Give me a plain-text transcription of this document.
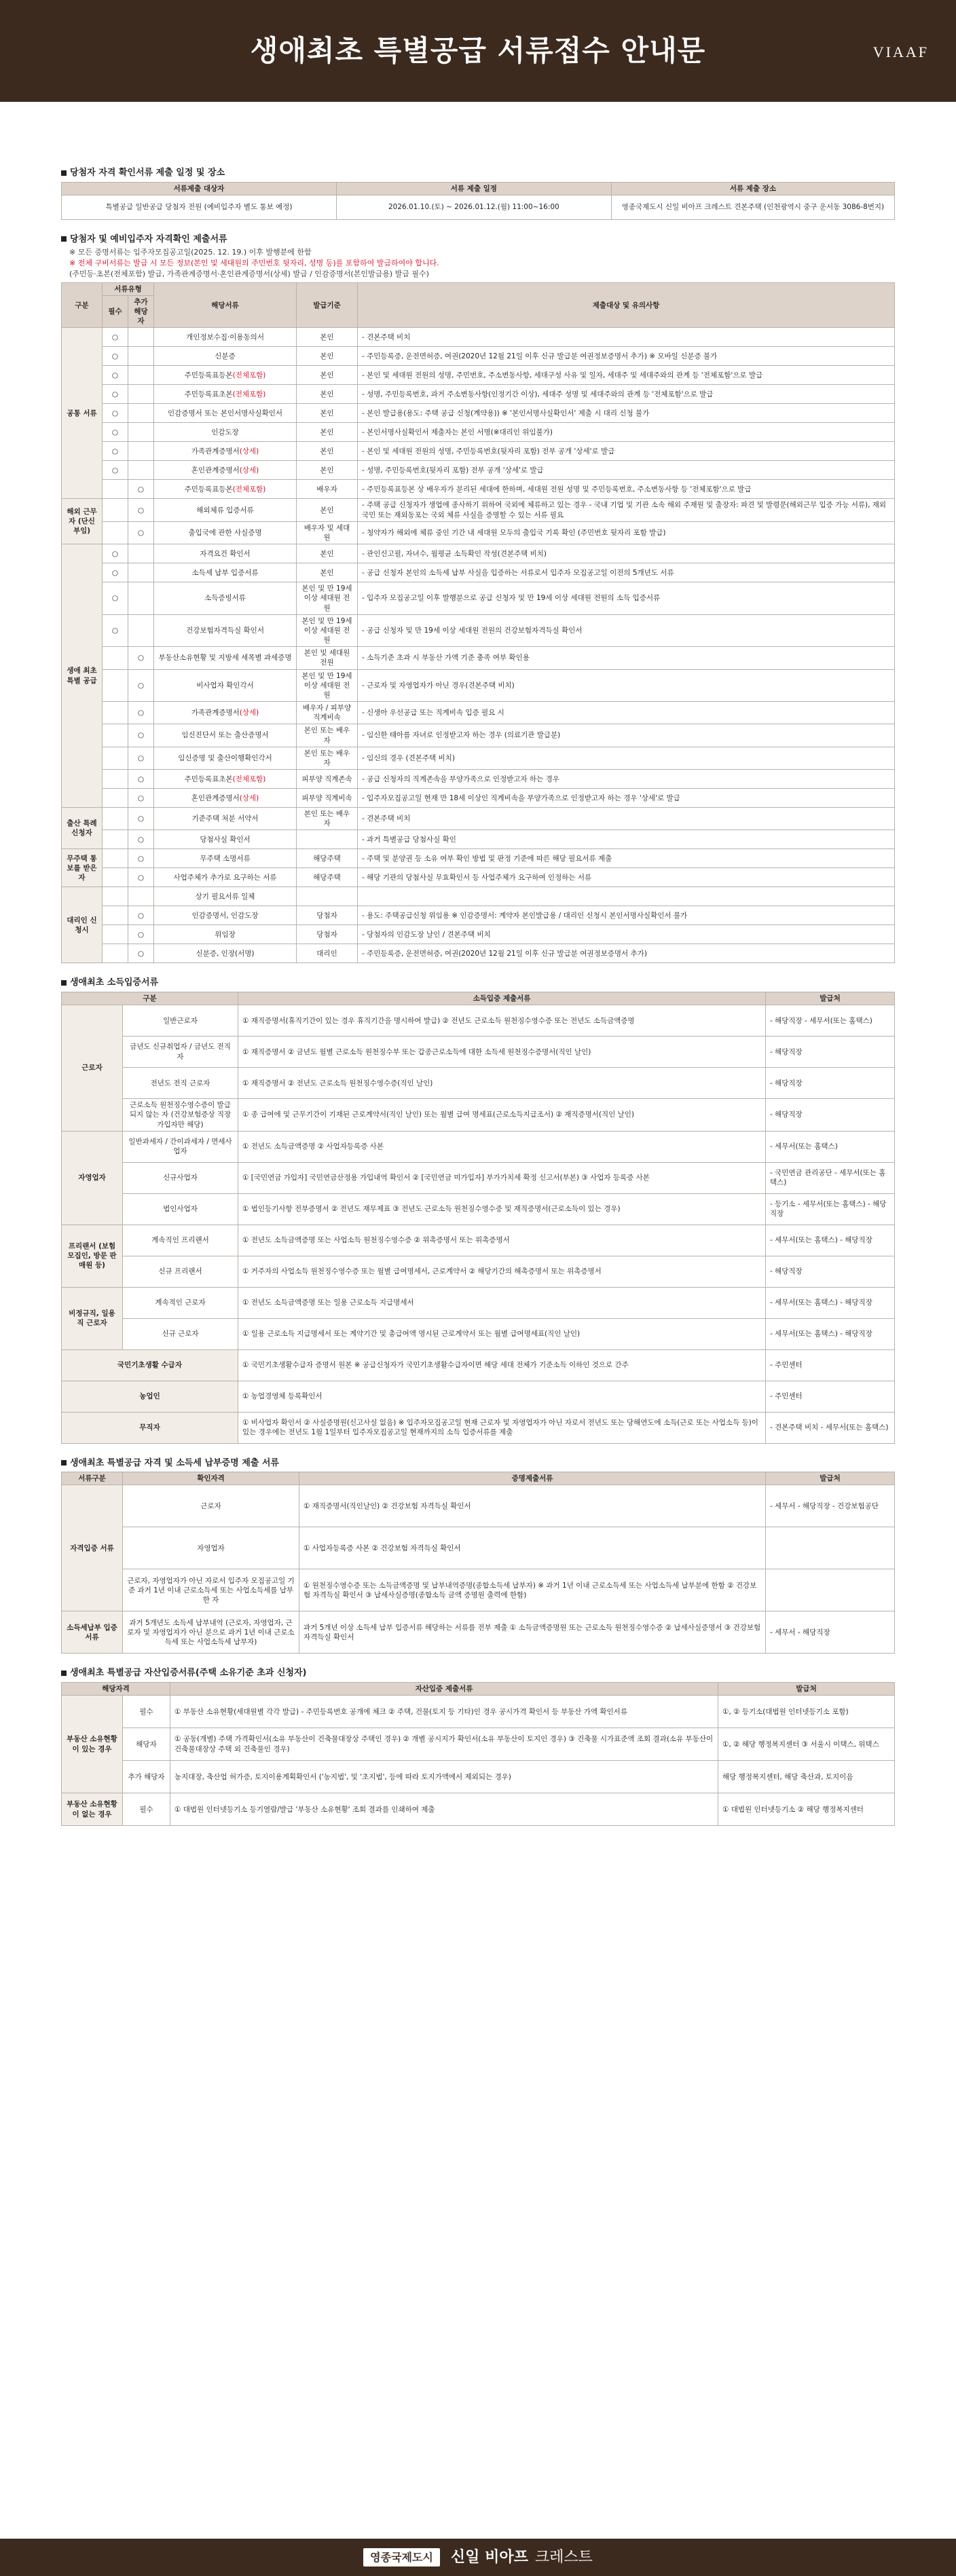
생애최초 특별공급 서류접수 안내문	VIAAF
당첨자 자격 확인서류 제출 일정 및 장소
서류제출 대상자	서류 제출 일정	서류 제출 장소
특별공급 일반공급 당첨자 전원 (예비입주자 별도 통보 예정)	2026.01.10.(토) ~ 2026.01.12.(월) 11:00~16:00	영종국제도시 신일 비아프 크레스트 견본주택 (인천광역시 중구 운서동 3086-8번지)
당첨자 및 예비입주자 자격확인 제출서류
※ 모든 증명서류는 입주자모집공고일(2025. 12. 19.) 이후 발행분에 한함
※ 전체 구비서류는 발급 시 모든 정보(본인 및 세대원의 주민번호 뒷자리, 성명 등)를 포함하여 발급하여야 합니다.
(주민등·초본(전체포함) 발급, 가족관계증명서·혼인관계증명서(상세) 발급 / 인감증명서(본인발급용) 발급 필수)
구분	서류유형		해당서류	발급기준	제출대상 및 유의사항
	필수	추가 해당자			
공통 서류	○		개인정보수집·이용동의서	본인	- 견본주택 비치
	○		신분증	본인	- 주민등록증, 운전면허증, 여권(2020년 12월 21일 이후 신규 발급분 여권정보증명서 추가) ※ 모바일 신분증 불가
	○		주민등록표등본(전체포함)	본인	- 본인 및 세대원 전원의 성명, 주민번호, 주소변동사항, 세대구성 사유 및 일자, 세대주 및 세대주와의 관계 등 '전체포함'으로 발급
	○		주민등록표초본(전체포함)	본인	- 성명, 주민등록번호, 과거 주소변동사항(인정기간 이상), 세대주 성명 및 세대주와의 관계 등 '전체포함'으로 발급
	○		인감증명서 또는 본인서명사실확인서	본인	- 본인 발급용(용도: 주택 공급 신청(계약용)) ※ '본인서명사실확인서' 제출 시 대리 신청 불가
	○		인감도장	본인	- 본인서명사실확인서 제출자는 본인 서명(※대리인 위임불가)
	○		가족관계증명서(상세)	본인	- 본인 및 세대원 전원의 성명, 주민등록번호(뒷자리 포함) 전부 공개 '상세'로 발급
	○		혼인관계증명서(상세)	본인	- 성명, 주민등록번호(뒷자리 포함) 전부 공개 '상세'로 발급
		○	주민등록표등본(전체포함)	배우자	- 주민등록표등본 상 배우자가 분리된 세대에 한하며, 세대원 전원 성명 및 주민등록번호, 주소변동사항 등 '전체포함'으로 발급
해외 근무자 (단신 부임)		○	해외체류 입증서류	본인	- 주택 공급 신청자가 생업에 종사하기 위하여 국외에 체류하고 있는 경우 - 국내 기업 및 기관 소속 해외 주재원 및 출장자: 파견 및 발령문(해외근무 입증 가능 서류), 재외국민 또는 재외동포는 국외 체류 사실을 증명할 수 있는 서류 필요
		○	출입국에 관한 사실증명	배우자 및 세대원	- 청약자가 해외에 체류 중인 기간 내 세대원 모두의 출입국 기록 확인 (주민번호 뒷자리 포함 발급)
생애 최초 특별 공급	○		자격요건 확인서	본인	- 관인신고필, 자녀수, 월평균 소득확인 작성(견본주택 비치)
	○		소득세 납부 입증서류	본인	- 공급 신청자 본인의 소득세 납부 사실을 입증하는 서류로서 입주자 모집공고일 이전의 5개년도 서류
	○		소득증빙서류	본인 및 만 19세 이상 세대원 전원	- 입주자 모집공고일 이후 발행분으로 공급 신청자 및 만 19세 이상 세대원 전원의 소득 입증서류
	○		건강보험자격득실 확인서	본인 및 만 19세 이상 세대원 전원	- 공급 신청자 및 만 19세 이상 세대원 전원의 건강보험자격득실 확인서
		○	부동산소유현황 및 지방세 세목별 과세증명	본인 및 세대원 전원	- 소득기준 초과 시 부동산 가액 기준 충족 여부 확인용
		○	비사업자 확인각서	본인 및 만 19세 이상 세대원 전원	- 근로자 및 자영업자가 아닌 경우(견본주택 비치)
		○	가족관계증명서(상세)	배우자 / 피부양 직계비속	- 신생아 우선공급 또는 직계비속 입증 필요 시
		○	임신진단서 또는 출산증명서	본인 또는 배우자	- 임신한 태아를 자녀로 인정받고자 하는 경우 (의료기관 발급분)
		○	임신증명 및 출산이행확인각서	본인 또는 배우자	- 임신의 경우 (견본주택 비치)
		○	주민등록표초본(전체포함)	피부양 직계존속	- 공급 신청자의 직계존속을 부양가족으로 인정받고자 하는 경우
		○	혼인관계증명서(상세)	피부양 직계비속	- 입주자모집공고일 현재 만 18세 이상인 직계비속을 부양가족으로 인정받고자 하는 경우 '상세'로 발급
출산 특례 신청자		○	기준주택 처분 서약서	본인 또는 배우자	- 견본주택 비치
		○	당첨사실 확인서		- 과거 특별공급 당첨사실 확인
무주택 통보를 받은자		○	무주택 소명서류	해당주택	- 주택 및 분양권 등 소유 여부 확인 방법 및 판정 기준에 따른 해당 필요서류 제출
		○	사업주체가 추가로 요구하는 서류	해당주택	- 해당 기관의 당첨사실 무효확인서 등 사업주체가 요구하여 인정하는 서류
대리인 신청시			상기 필요서류 일체		
		○	인감증명서, 인감도장	당첨자	- 용도: 주택공급신청 위임용 ※ 인감증명서: 계약자 본인발급용 / 대리인 신청시 본인서명사실확인서 불가
		○	위임장	당첨자	- 당첨자의 인감도장 날인 / 견본주택 비치
		○	신분증, 인장(서명)	대리인	- 주민등록증, 운전면허증, 여권(2020년 12월 21일 이후 신규 발급분 여권정보증명서 추가)
생애최초 소득입증서류
구분		소득입증 제출서류	발급처
근로자	일반근로자	① 재직증명서(휴직기간이 있는 경우 휴직기간을 명시하여 발급) ② 전년도 근로소득 원천징수영수증 또는 전년도 소득금액증명	- 해당직장 - 세무서(또는 홈택스)
	금년도 신규취업자 / 금년도 전직자	① 재직증명서 ② 금년도 월별 근로소득 원천징수부 또는 갑종근로소득에 대한 소득세 원천징수증명서(직인 날인)	- 해당직장
	전년도 전직 근로자	① 재직증명서 ② 전년도 근로소득 원천징수영수증(직인 날인)	- 해당직장
	근로소득 원천징수영수증이 발급되지 않는 자 (건강보험증상 직장가입자만 해당)	① 종 급여에 및 근무기간이 기재된 근로계약서(직인 날인) 또는 월별 급여 명세표(근로소득지급조서) ② 재직증명서(직인 날인)	- 해당직장
자영업자	일반과세자 / 간이과세자 / 면세사업자	① 전년도 소득금액증명 ② 사업자등록증 사본	- 세무서(또는 홈택스)
	신규사업자	① [국민연금 가입자] 국민연금산정용 가입내역 확인서 ② [국민연금 미가입자] 부가가치세 확정 신고서(부본) ③ 사업자 등록증 사본	- 국민연금 관리공단 - 세무서(또는 홈택스)
	법인사업자	① 법인등기사항 전부증명서 ② 전년도 재무제표 ③ 전년도 근로소득 원천징수영수증 및 재직증명서(근로소득이 있는 경우)	- 등기소 - 세무서(또는 홈택스) - 해당직장
프리랜서 (보험 모집인, 방문 판매원 등)	계속직인 프리랜서	① 전년도 소득금액증명 또는 사업소득 원천징수영수증 ② 위촉증명서 또는 위촉증명서	- 세무서(또는 홈택스) - 해당직장
	신규 프리랜서	① 거주자의 사업소득 원천징수영수증 또는 월별 급여명세서, 근로계약서 ② 해당기간의 해촉증명서 또는 위촉증명서	- 해당직장
비정규직, 일용직 근로자	계속적인 근로자	① 전년도 소득금액증명 또는 일용 근로소득 지급명세서	- 세무서(또는 홈택스) - 해당직장
	신규 근로자	① 일용 근로소득 지급명세서 또는 계약기간 및 총급여액 명시된 근로계약서 또는 월별 급여명세표(직인 날인)	- 세무서(또는 홈택스) - 해당직장
국민기초생활 수급자		① 국민기초생활수급자 증명서 원본 ※ 공급신청자가 국민기초생활수급자이면 해당 세대 전체가 기준소득 이하인 것으로 간주	- 주민센터
농업인		① 농업경영체 등록확인서	- 주민센터
무직자		① 비사업자 확인서 ② 사실증명원(신고사실 없음) ※ 입주자모집공고일 현재 근로자 및 자영업자가 아닌 자로서 전년도 또는 당해연도에 소득(근로 또는 사업소득 등)이 있는 경우에는 전년도 1월 1일부터 입주자모집공고일 현재까지의 소득 입증서류를 제출	- 견본주택 비치 - 세무서(또는 홈택스)
생애최초 특별공급 자격 및 소득세 납부증명 제출 서류
서류구분	확인자격	증명제출서류	발급처
자격입증 서류	근로자	① 재직증명서(직인날인) ② 건강보험 자격득실 확인서	- 세무서 - 해당직장 - 건강보험공단
	자영업자	① 사업자등록증 사본 ② 건강보험 자격득실 확인서	
	근로자, 자영업자가 아닌 자로서 입주자 모집공고일 기준 과거 1년 이내 근로소득세 또는 사업소득세를 납부한 자	① 원천징수영수증 또는 소득금액증명 및 납부내역증명(종합소득세 납부자) ※ 과거 1년 이내 근로소득세 또는 사업소득세 납부분에 한함 ② 건강보험 자격득실 확인서 ③ 납세사실증명(종합소득 금액 증명원 출력에 한함)	
소득세납부 입증서류	과거 5개년도 소득세 납부내역 (근로자, 자영업자, 근로자 및 자영업자가 아닌 분으로 과거 1년 이내 근로소득세 또는 사업소득세 납부자)	과거 5개년 이상 소득세 납부 입증서류 해당하는 서류를 전부 제출 ① 소득금액증명원 또는 근로소득 원천징수영수증 ② 납세사실증명서 ③ 건강보험 자격득실 확인서	- 세무서 - 해당직장
생애최초 특별공급 자산입증서류(주택 소유기준 초과 신청자)
해당자격		자산입증 제출서류	발급처
부동산 소유현황이 있는 경우	필수	① 부동산 소유현황(세대원별 각각 발급) - 주민등록번호 공개에 체크 ② 주택, 건물(토지 등 기타)인 경우 공시가격 확인서 등 부동산 가액 확인서류	①, ② 등기소(대법원 인터넷등기소 포함)
	해당자	① 공동(개별) 주택 가격확인서(소유 부동산이 건축물대장상 주택인 경우) ② 개별 공시지가 확인서(소유 부동산이 토지인 경우) ③ 건축물 시가표준액 조회 결과(소유 부동산이 건축물대장상 주택 외 건축물인 경우)	①, ② 해당 행정복지센터 ③ 서울시 이택스, 위택스
	추가 해당자	농지대장, 축산업 허가증, 토지이용계획확인서 ('농지법', 및 '초지법', 등에 따라 토지가액에서 제외되는 경우)	해당 행정복지센터, 해당 축산과, 토지이음
부동산 소유현황이 없는 경우	필수	① 대법원 인터넷등기소 등기열람/발급 '부동산 소유현황' 조회 결과를 인쇄하여 제출	① 대법원 인터넷등기소 ② 해당 행정복지센터
영종국제도시	신일 비아프 크레스트
